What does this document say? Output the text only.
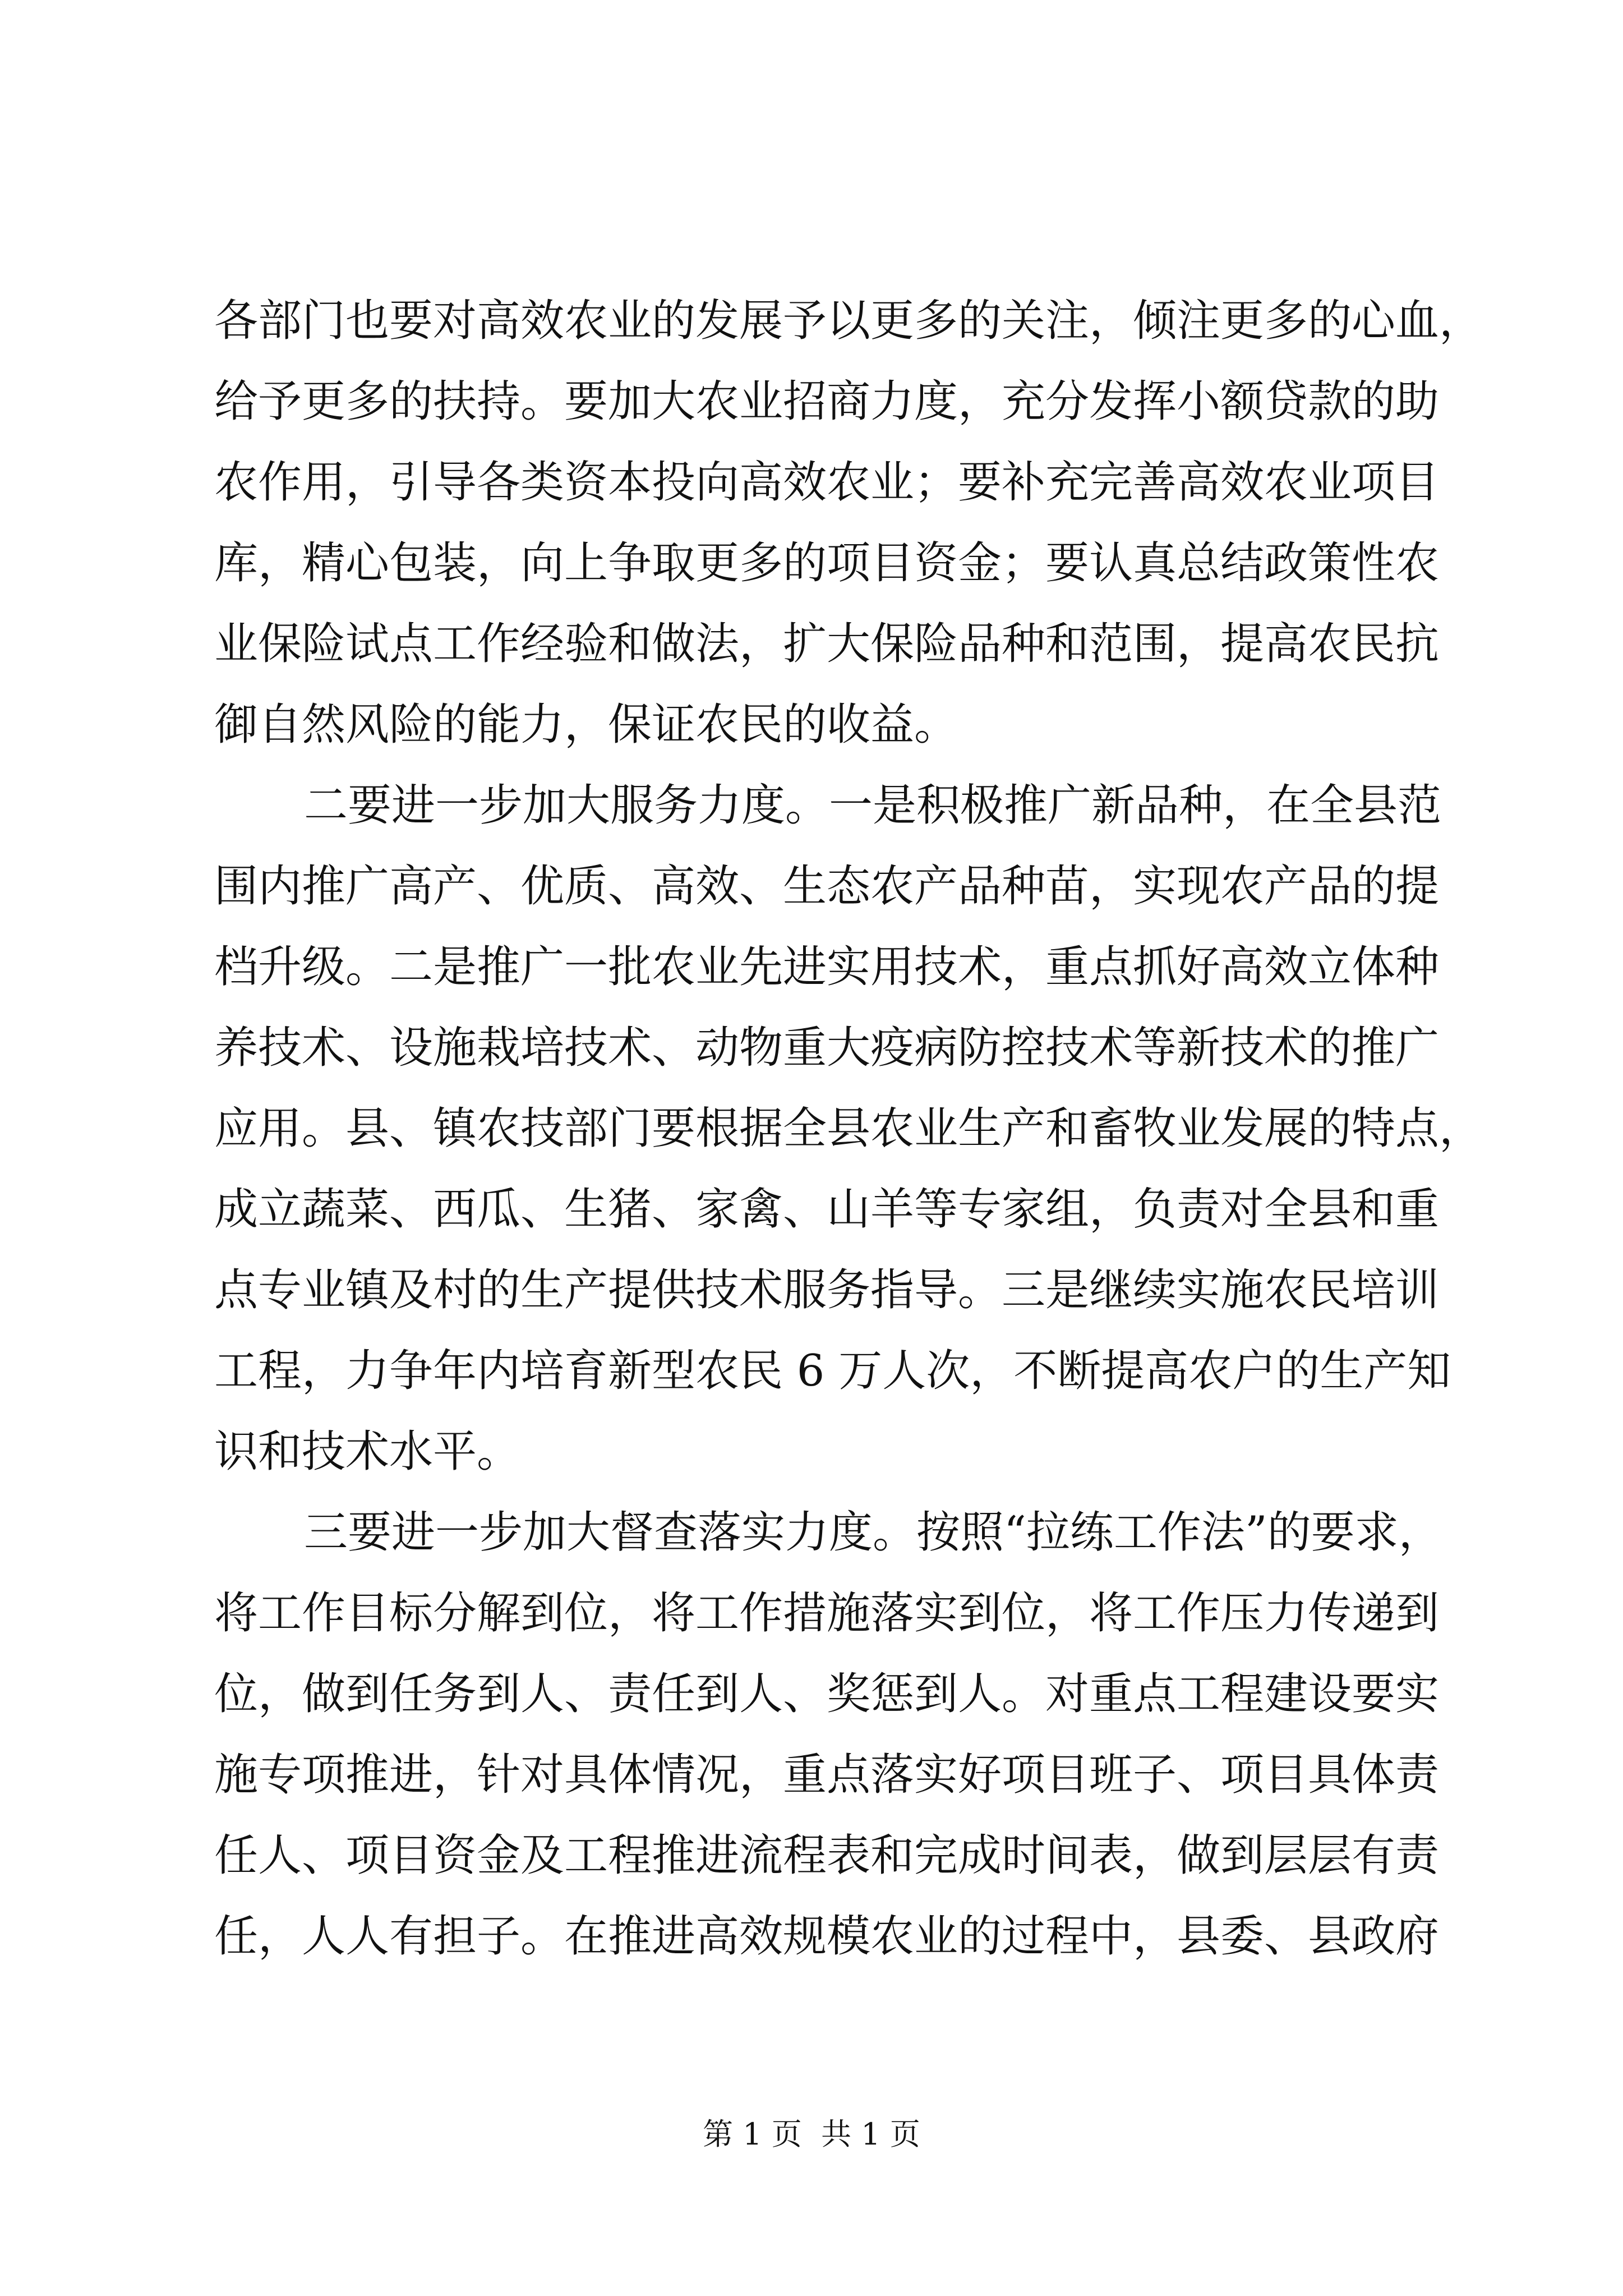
各部门也要对高效农业的发展予以更多的关注，倾注更多的心血，
给予更多的扶持。要加大农业招商力度，充分发挥小额贷款的助
农作用，引导各类资本投向高效农业；要补充完善高效农业项目
库，精心包装，向上争取更多的项目资金；要认真总结政策性农
业保险试点工作经验和做法，扩大保险品种和范围，提高农民抗
御自然风险的能力，保证农民的收益。
二要进一步加大服务力度。一是积极推广新品种，在全县范
围内推广高产、优质、高效、生态农产品种苗，实现农产品的提
档升级。二是推广一批农业先进实用技术，重点抓好高效立体种
养技术、设施栽培技术、动物重大疫病防控技术等新技术的推广
应用。县、镇农技部门要根据全县农业生产和畜牧业发展的特点，
成立蔬菜、西瓜、生猪、家禽、山羊等专家组，负责对全县和重
点专业镇及村的生产提供技术服务指导。三是继续实施农民培训
工程，力争年内培育新型农民 6 万人次，不断提高农户的生产知
识和技术水平。
三要进一步加大督查落实力度。按照“拉练工作法”的要求，
将工作目标分解到位，将工作措施落实到位，将工作压力传递到
位，做到任务到人、责任到人、奖惩到人。对重点工程建设要实
施专项推进，针对具体情况，重点落实好项目班子、项目具体责
任人、项目资金及工程推进流程表和完成时间表，做到层层有责
任，人人有担子。在推进高效规模农业的过程中，县委、县政府
第 1 页  共 1 页
